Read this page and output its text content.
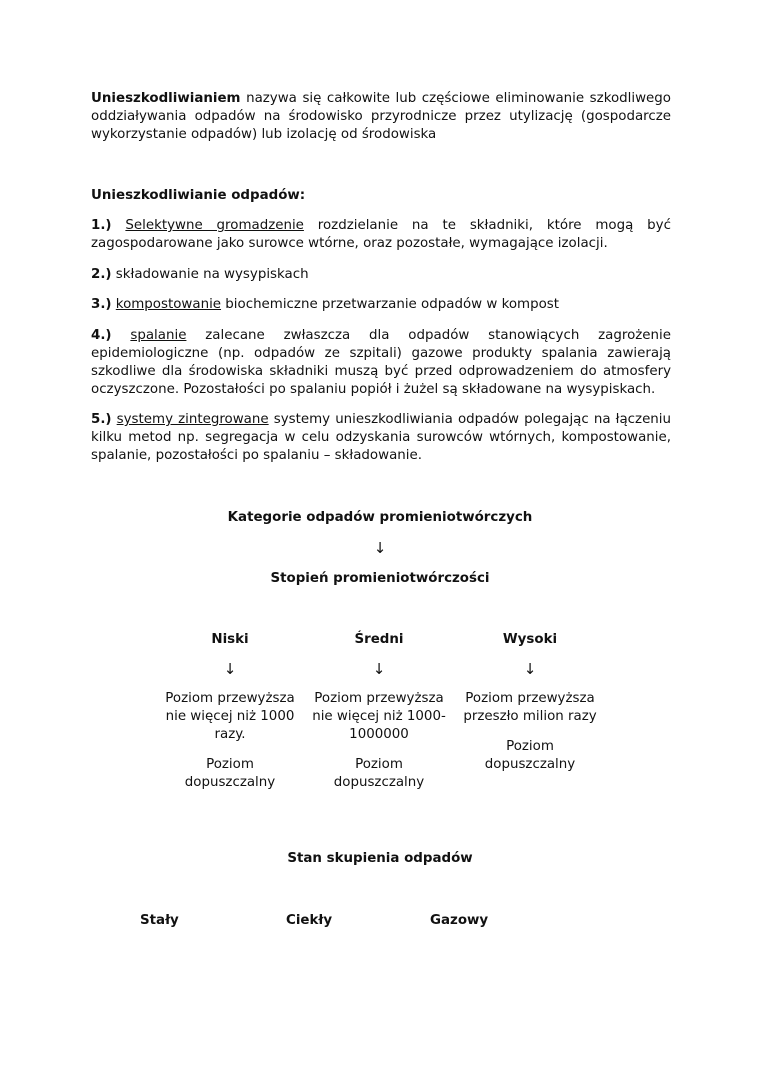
Unieszkodliwianiem nazywa się całkowite lub częściowe eliminowanie szkodliwego oddziaływania odpadów na środowisko przyrodnicze przez utylizację (gospodarcze wykorzystanie odpadów) lub izolację od środowiska

Unieszkodliwianie odpadów:

1.) Selektywne gromadzenie rozdzielanie na te składniki, które mogą być zagospodarowane jako surowce wtórne, oraz pozostałe, wymagające izolacji.

2.) składowanie na wysypiskach

3.) kompostowanie biochemiczne przetwarzanie odpadów w kompost

4.) spalanie zalecane zwłaszcza dla odpadów stanowiących zagrożenie epidemiologiczne (np. odpadów ze szpitali) gazowe produkty spalania zawierają szkodliwe dla środowiska składniki muszą być przed odprowadzeniem do atmosfery oczyszczone. Pozostałości po spalaniu popiół i żużel są składowane na wysypiskach.

5.) systemy zintegrowane systemy unieszkodliwiania odpadów polegając na łączeniu kilku metod np. segregacja w celu odzyskania surowców wtórnych, kompostowanie, spalanie, pozostałości po spalaniu – składowanie.

Kategorie odpadów promieniotwórczych
↓
Stopień promieniotwórczości

Niski

↓

Poziom przewyższa nie więcej niż 1000 razy.

Poziom dopuszczalny

Średni

↓

Poziom przewyższa nie więcej niż 1000-1000000

Poziom dopuszczalny

Wysoki

↓

Poziom przewyższa przeszło milion razy

Poziom dopuszczalny

Stan skupienia odpadów
Stały	Ciekły	Gazowy
